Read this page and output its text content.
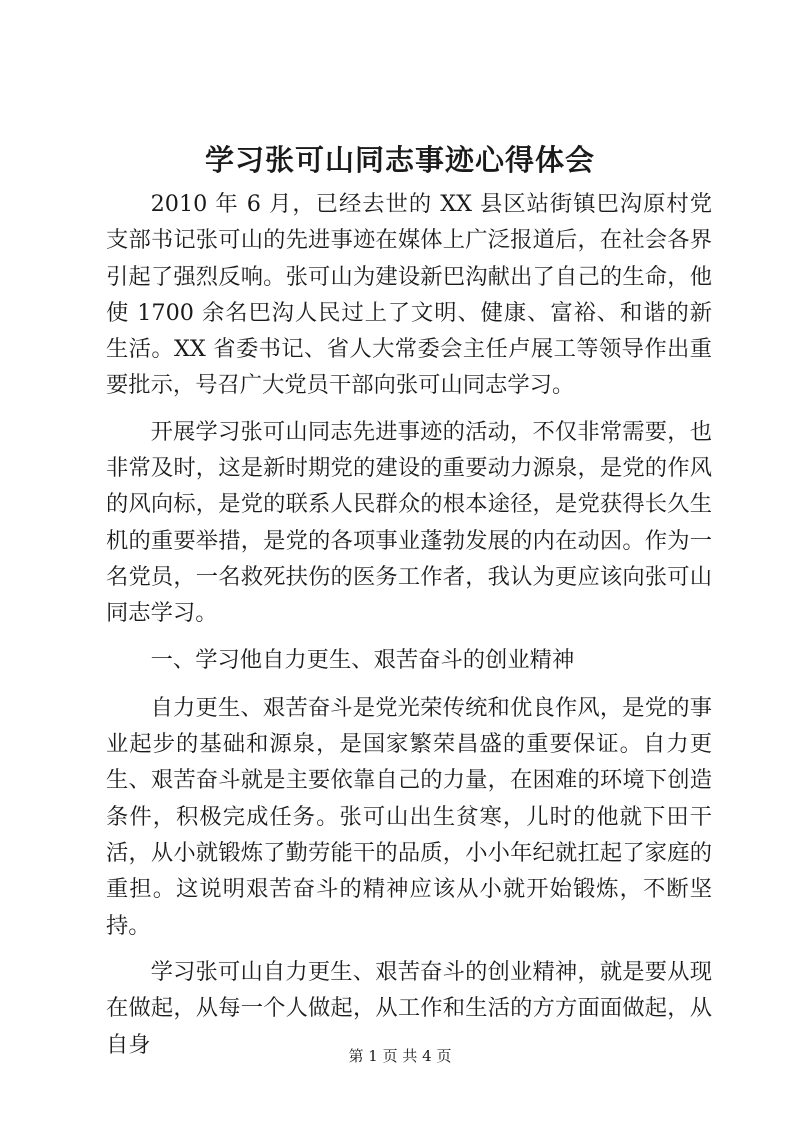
学习张可山同志事迹心得体会

2010 年 6 月，已经去世的 XX 县区站街镇巴沟原村党支部书记张可山的先进事迹在媒体上广泛报道后，在社会各界引起了强烈反响。张可山为建设新巴沟献出了自己的生命，他使 1700 余名巴沟人民过上了文明、健康、富裕、和谐的新生活。XX 省委书记、省人大常委会主任卢展工等领导作出重要批示，号召广大党员干部向张可山同志学习。

开展学习张可山同志先进事迹的活动，不仅非常需要，也非常及时，这是新时期党的建设的重要动力源泉，是党的作风的风向标，是党的联系人民群众的根本途径，是党获得长久生机的重要举措，是党的各项事业蓬勃发展的内在动因。作为一名党员，一名救死扶伤的医务工作者，我认为更应该向张可山同志学习。

一、学习他自力更生、艰苦奋斗的创业精神

自力更生、艰苦奋斗是党光荣传统和优良作风，是党的事业起步的基础和源泉，是国家繁荣昌盛的重要保证。自力更生、艰苦奋斗就是主要依靠自己的力量，在困难的环境下创造条件，积极完成任务。张可山出生贫寒，儿时的他就下田干活，从小就锻炼了勤劳能干的品质，小小年纪就扛起了家庭的重担。这说明艰苦奋斗的精神应该从小就开始锻炼，不断坚持。

学习张可山自力更生、艰苦奋斗的创业精神，就是要从现在做起，从每一个人做起，从工作和生活的方方面面做起，从自身	第 1 页 共 4 页
